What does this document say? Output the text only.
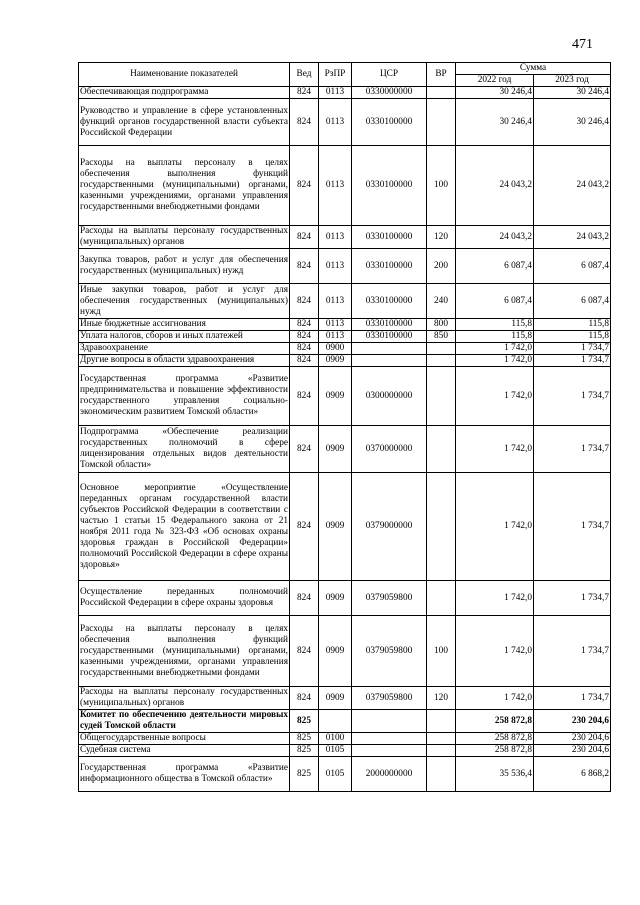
471
Наименование показателей	Вед	РзПР	ЦСР	ВР	Сумма	
					2022 год	2023 год
Обеспечивающая подпрограмма	824	0113	0330000000		30 246,4	30 246,4
Руководство и управление в сфере установленных функций органов государственной власти субъекта Российской Федерации	824	0113	0330100000		30 246,4	30 246,4
Расходы на выплаты персоналу в целях обеспечения выполнения функций государственными (муниципальными) органами, казенными учреждениями, органами управления государственными внебюджетными фондами	824	0113	0330100000	100	24 043,2	24 043,2
Расходы на выплаты персоналу государственных (муниципальных) органов	824	0113	0330100000	120	24 043,2	24 043,2
Закупка товаров, работ и услуг для обеспечения государственных (муниципальных) нужд	824	0113	0330100000	200	6 087,4	6 087,4
Иные закупки товаров, работ и услуг для обеспечения государственных (муниципальных) нужд	824	0113	0330100000	240	6 087,4	6 087,4
Иные бюджетные ассигнования	824	0113	0330100000	800	115,8	115,8
Уплата налогов, сборов и иных платежей	824	0113	0330100000	850	115,8	115,8
Здравоохранение	824	0900			1 742,0	1 734,7
Другие вопросы в области здравоохранения	824	0909			1 742,0	1 734,7
Государственная программа «Развитие предпринимательства и повышение эффективности государственного управления социально-экономическим развитием Томской области»	824	0909	0300000000		1 742,0	1 734,7
Подпрограмма «Обеспечение реализации государственных полномочий в сфере лицензирования отдельных видов деятельности Томской области»	824	0909	0370000000		1 742,0	1 734,7
Основное мероприятие «Осуществление переданных органам государственной власти субъектов Российской Федерации в соответствии с частью 1 статьи 15 Федерального закона от 21 ноября 2011 года № 323-ФЗ «Об основах охраны здоровья граждан в Российской Федерации» полномочий Российской Федерации в сфере охраны здоровья»	824	0909	0379000000		1 742,0	1 734,7
Осуществление переданных полномочий Российской Федерации в сфере охраны здоровья	824	0909	0379059800		1 742,0	1 734,7
Расходы на выплаты персоналу в целях обеспечения выполнения функций государственными (муниципальными) органами, казенными учреждениями, органами управления государственными внебюджетными фондами	824	0909	0379059800	100	1 742,0	1 734,7
Расходы на выплаты персоналу государственных (муниципальных) органов	824	0909	0379059800	120	1 742,0	1 734,7
Комитет по обеспечению деятельности мировых судей Томской области	825				258 872,8	230 204,6
Общегосударственные вопросы	825	0100			258 872,8	230 204,6
Судебная система	825	0105			258 872,8	230 204,6
Государственная программа «Развитие информационного общества в Томской области»	825	0105	2000000000		35 536,4	6 868,2
